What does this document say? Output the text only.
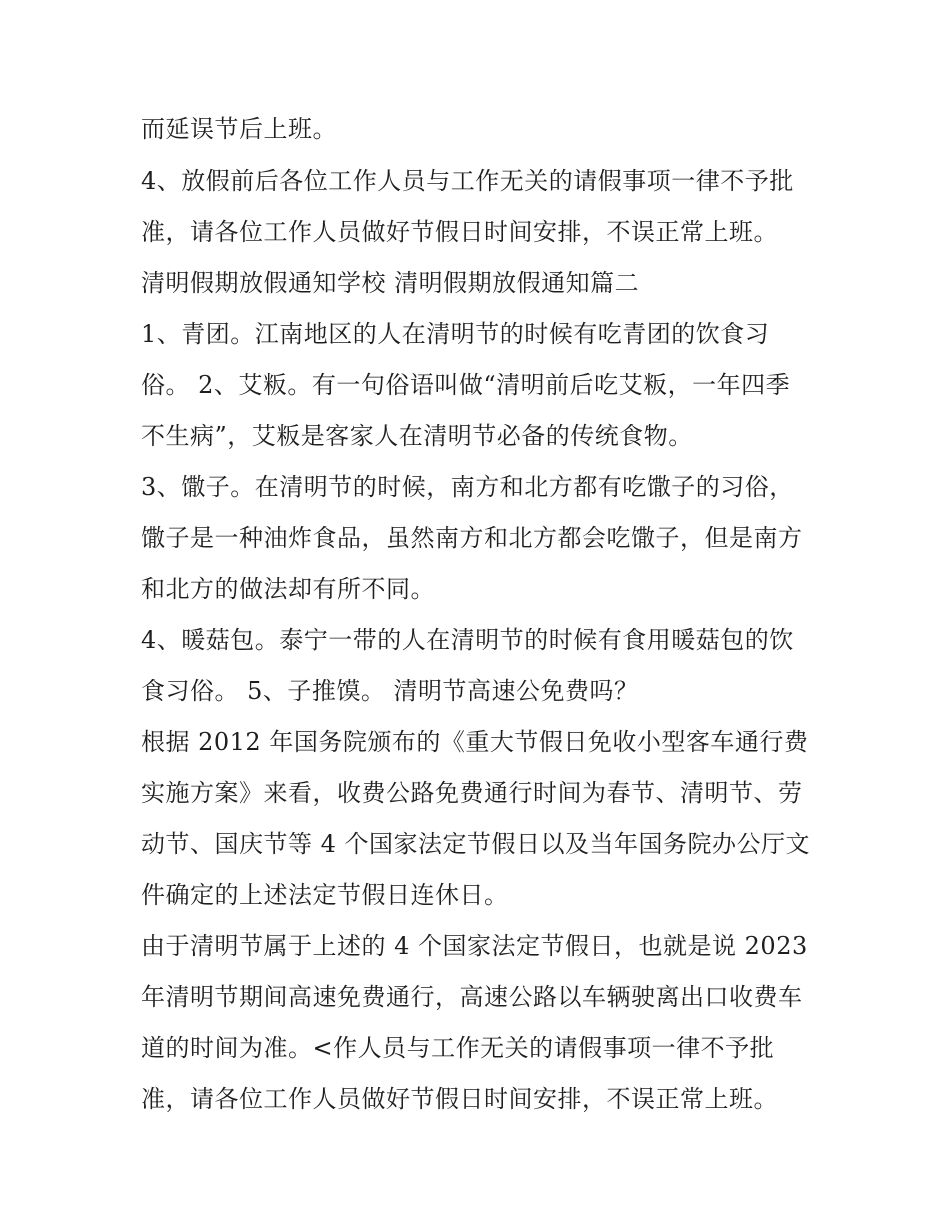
而延误节后上班。
4、放假前后各位工作人员与工作无关的请假事项一律不予批
准，请各位工作人员做好节假日时间安排，不误正常上班。
清明假期放假通知学校 清明假期放假通知篇二
1、青团。江南地区的人在清明节的时候有吃青团的饮食习
俗。 2、艾粄。有一句俗语叫做“清明前后吃艾粄，一年四季
不生病”，艾粄是客家人在清明节必备的传统食物。
3、馓子。在清明节的时候，南方和北方都有吃馓子的习俗，
馓子是一种油炸食品，虽然南方和北方都会吃馓子，但是南方
和北方的做法却有所不同。
4、暖菇包。泰宁一带的人在清明节的时候有食用暖菇包的饮
食习俗。 5、子推馍。 清明节高速公免费吗？
根据 2012 年国务院颁布的《重大节假日免收小型客车通行费
实施方案》来看，收费公路免费通行时间为春节、清明节、劳
动节、国庆节等 4 个国家法定节假日以及当年国务院办公厅文
件确定的上述法定节假日连休日。
由于清明节属于上述的 4 个国家法定节假日，也就是说 2023
年清明节期间高速免费通行，高速公路以车辆驶离出口收费车
道的时间为准。<作人员与工作无关的请假事项一律不予批
准，请各位工作人员做好节假日时间安排，不误正常上班。
